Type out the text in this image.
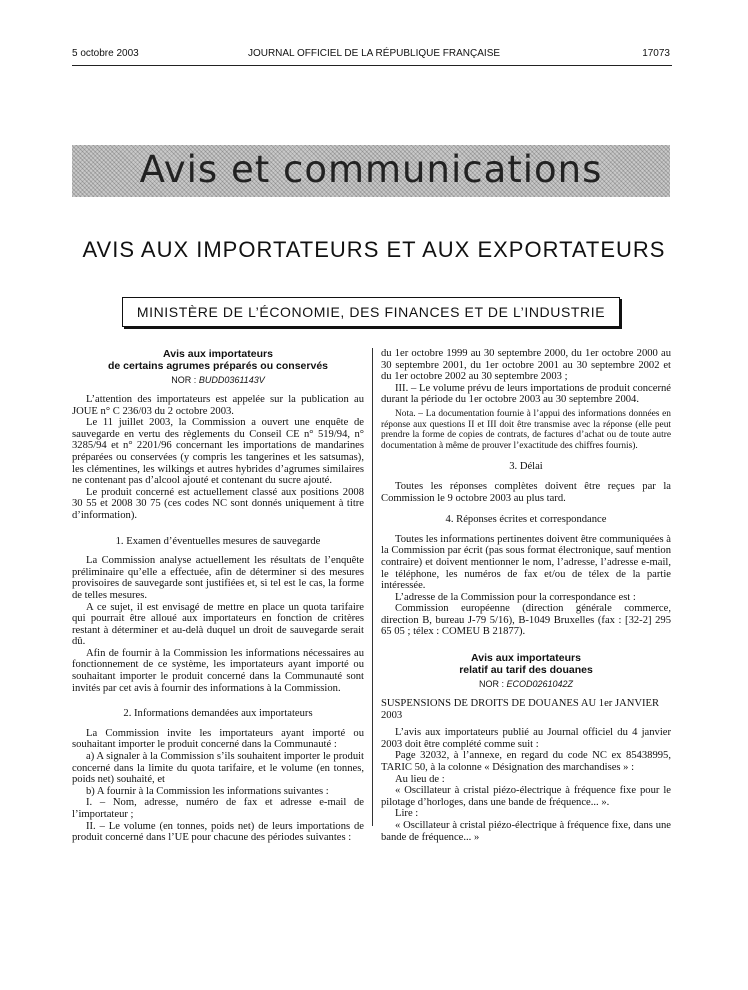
5 octobre 2003	JOURNAL OFFICIEL DE LA RÉPUBLIQUE FRANÇAISE	17073
Avis et communications
AVIS AUX IMPORTATEURS ET AUX EXPORTATEURS
MINISTÈRE DE L’ÉCONOMIE, DES FINANCES ET DE L’INDUSTRIE
Avis aux importateurs
de certains agrumes préparés ou conservés
NOR : BUDD0361143V

L’attention des importateurs est appelée sur la publication au JOUE n° C 236/03 du 2 octobre 2003.

Le 11 juillet 2003, la Commission a ouvert une enquête de sauvegarde en vertu des règlements du Conseil CE n° 519/94, n° 3285/94 et n° 2201/96 concernant les importations de mandarines préparées ou conservées (y compris les tangerines et les satsumas), les clémentines, les wilkings et autres hybrides d’agrumes similaires ne contenant pas d’alcool ajouté et contenant du sucre ajouté.

Le produit concerné est actuellement classé aux positions 2008 30 55 et 2008 30 75 (ces codes NC sont donnés uniquement à titre d’information).

1. Examen d’éventuelles mesures de sauvegarde

La Commission analyse actuellement les résultats de l’enquête préliminaire qu’elle a effectuée, afin de déterminer si des mesures provisoires de sauvegarde sont justifiées et, si tel est le cas, la forme de telles mesures.

A ce sujet, il est envisagé de mettre en place un quota tarifaire qui pourrait être alloué aux importateurs en fonction de critères restant à déterminer et au-delà duquel un droit de sauvegarde serait dû.

Afin de fournir à la Commission les informations nécessaires au fonctionnement de ce système, les importateurs ayant importé ou souhaitant importer le produit concerné dans la Communauté sont invités par cet avis à fournir des informations à la Commission.

2. Informations demandées aux importateurs

La Commission invite les importateurs ayant importé ou souhaitant importer le produit concerné dans la Communauté :

a) A signaler à la Commission s’ils souhaitent importer le produit concerné dans la limite du quota tarifaire, et le volume (en tonnes, poids net) souhaité, et

b) A fournir à la Commission les informations suivantes :

I. – Nom, adresse, numéro de fax et adresse e-mail de l’importateur ;

II. – Le volume (en tonnes, poids net) de leurs importations de produit concerné dans l’UE pour chacune des périodes suivantes :

du 1er octobre 1999 au 30 septembre 2000, du 1er octobre 2000 au 30 septembre 2001, du 1er octobre 2001 au 30 septembre 2002 et du 1er octobre 2002 au 30 septembre 2003 ;

III. – Le volume prévu de leurs importations de produit concerné durant la période du 1er octobre 2003 au 30 septembre 2004.

Nota. – La documentation fournie à l’appui des informations données en réponse aux questions II et III doit être transmise avec la réponse (elle peut prendre la forme de copies de contrats, de factures d’achat ou de toute autre documentation à même de prouver l’exactitude des chiffres fournis).

3. Délai

Toutes les réponses complètes doivent être reçues par la Commission le 9 octobre 2003 au plus tard.

4. Réponses écrites et correspondance

Toutes les informations pertinentes doivent être communiquées à la Commission par écrit (pas sous format électronique, sauf mention contraire) et doivent mentionner le nom, l’adresse, l’adresse e-mail, le téléphone, les numéros de fax et/ou de télex de la partie intéressée.

L’adresse de la Commission pour la correspondance est :

Commission européenne (direction générale commerce, direction B, bureau J-79 5/16), B-1049 Bruxelles (fax : [32-2] 295 65 05 ; télex : COMEU B 21877).

Avis aux importateurs
relatif au tarif des douanes
NOR : ECOD0261042Z

SUSPENSIONS DE DROITS DE DOUANES AU 1er JANVIER 2003

L’avis aux importateurs publié au Journal officiel du 4 janvier 2003 doit être complété comme suit :

Page 32032, à l’annexe, en regard du code NC ex 85438995, TARIC 50, à la colonne « Désignation des marchandises » :

Au lieu de :

« Oscillateur à cristal piézo-électrique à fréquence fixe pour le pilotage d’horloges, dans une bande de fréquence... ».

Lire :

« Oscillateur à cristal piézo-électrique à fréquence fixe, dans une bande de fréquence... »
